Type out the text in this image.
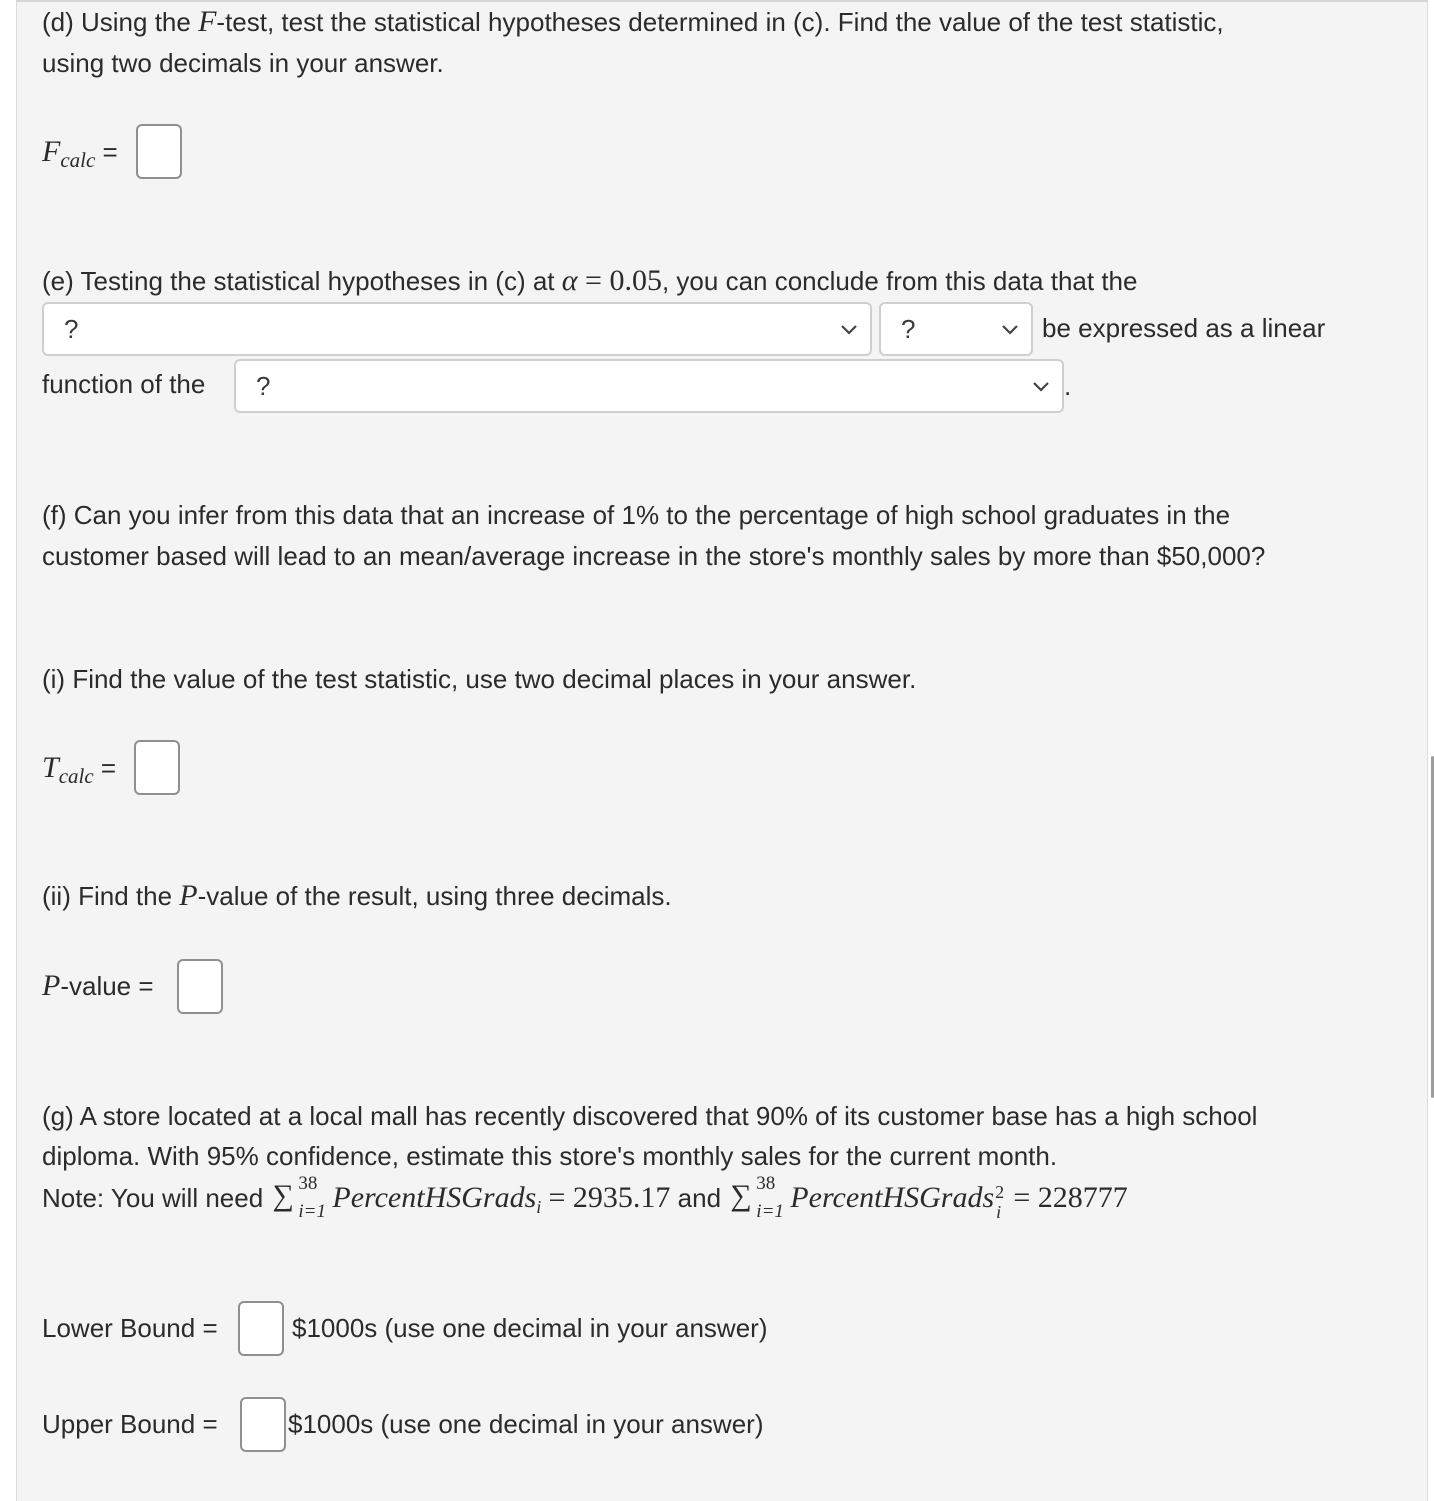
(d) Using the F-test, test the statistical hypotheses determined in (c). Find the value of the test statistic,
using two decimals in your answer.
$F_{calc}$ =
(e) Testing the statistical hypotheses in (c) at α = 0.05, you can conclude from this data that the
?	?	be expressed as a linear
function of the ?	.
(f) Can you infer from this data that an increase of 1% to the percentage of high school graduates in the
customer based will lead to an mean/average increase in the store's monthly sales by more than $50,000?
(i) Find the value of the test statistic, use two decimal places in your answer.
$T_{calc}$ =
(ii) Find the P-value of the result, using three decimals.
P-value =
(g) A store located at a local mall has recently discovered that 90% of its customer base has a high school
diploma. With 95% confidence, estimate this store's monthly sales for the current month.
Note: You will need ∑ 38
i=1 PercentHSGrads$_i$ = 2935.17 and ∑ 38
i=1 PercentHSGrads 2
i = 228777
Lower Bound =	$1000s (use one decimal in your answer)
Upper Bound =	$1000s (use one decimal in your answer)
